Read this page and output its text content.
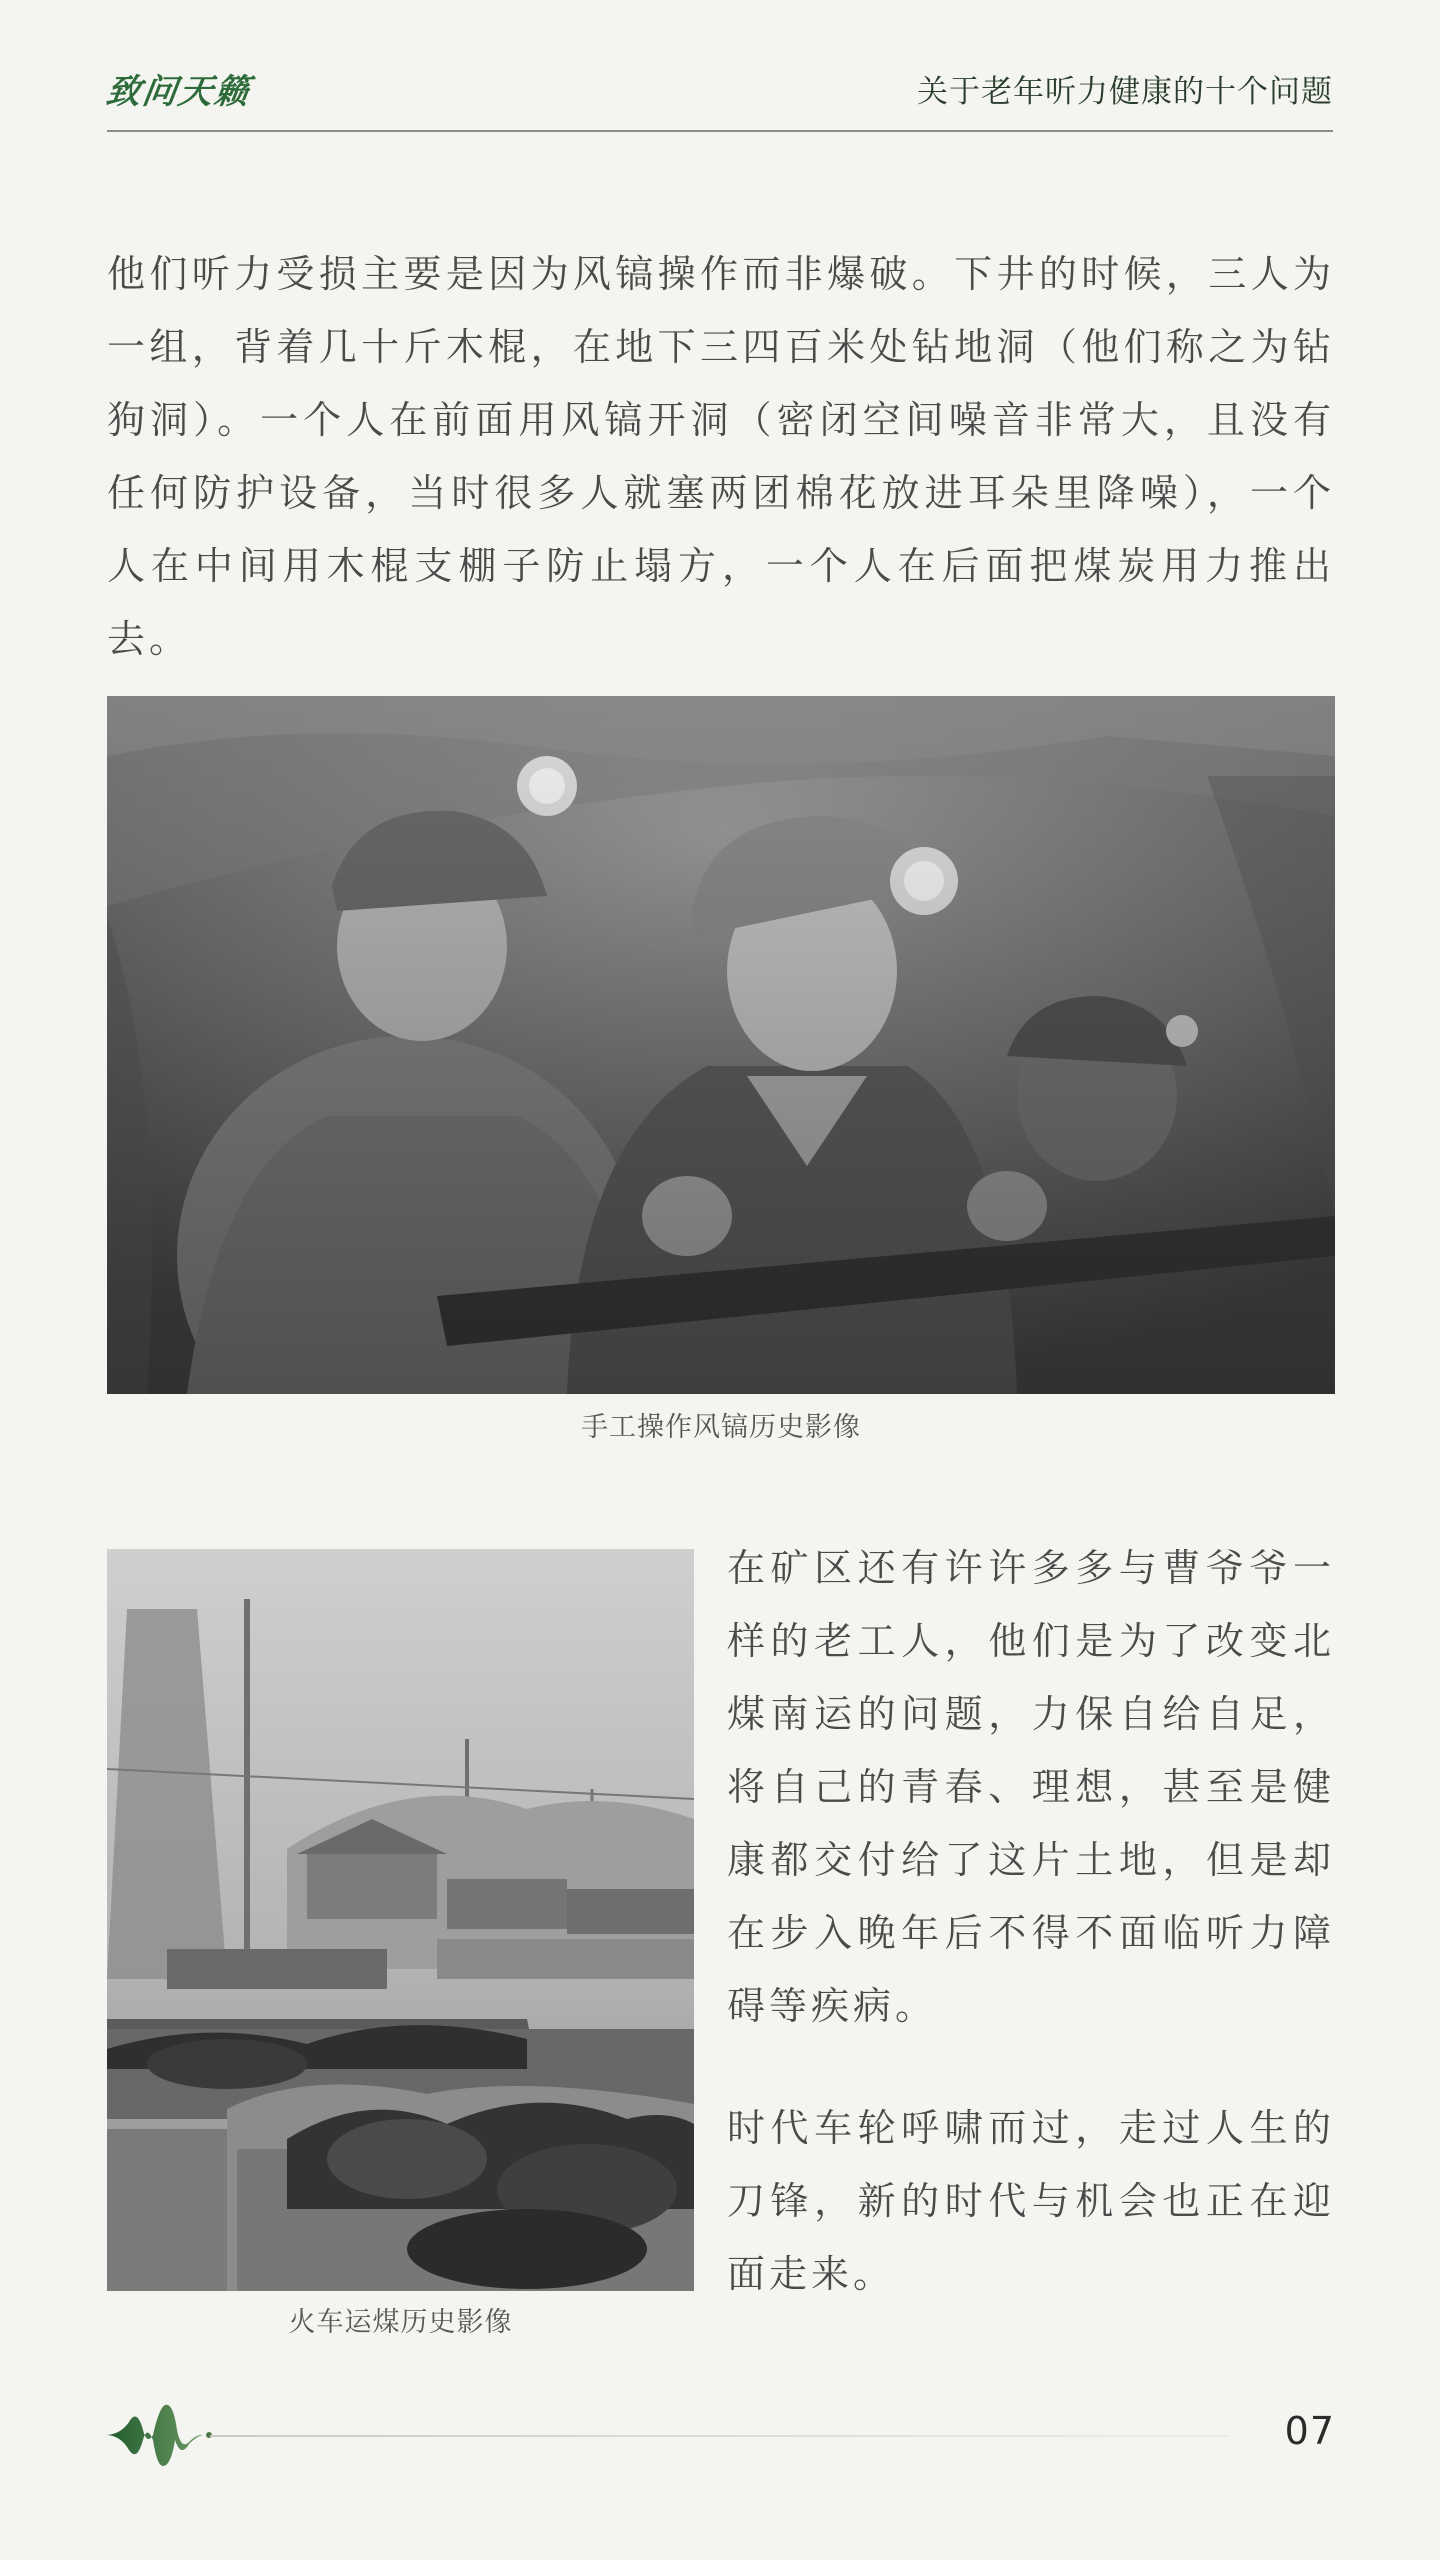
致问天籁	关于老年听力健康的十个问题

他们听力受损主要是因为风镐操作而非爆破。下井的时候，三人为一组，背着几十斤木棍，在地下三四百米处钻地洞（他们称之为钻狗洞）。一个人在前面用风镐开洞（密闭空间噪音非常大，且没有任何防护设备，当时很多人就塞两团棉花放进耳朵里降噪），一个人在中间用木棍支棚子防止塌方，一个人在后面把煤炭用力推出去。

手工操作风镐历史影像
火车运煤历史影像

在矿区还有许许多多与曹爷爷一样的老工人，他们是为了改变北煤南运的问题，力保自给自足，将自己的青春、理想，甚至是健康都交付给了这片土地，但是却在步入晚年后不得不面临听力障碍等疾病。

时代车轮呼啸而过，走过人生的刀锋，新的时代与机会也正在迎面走来。

07
